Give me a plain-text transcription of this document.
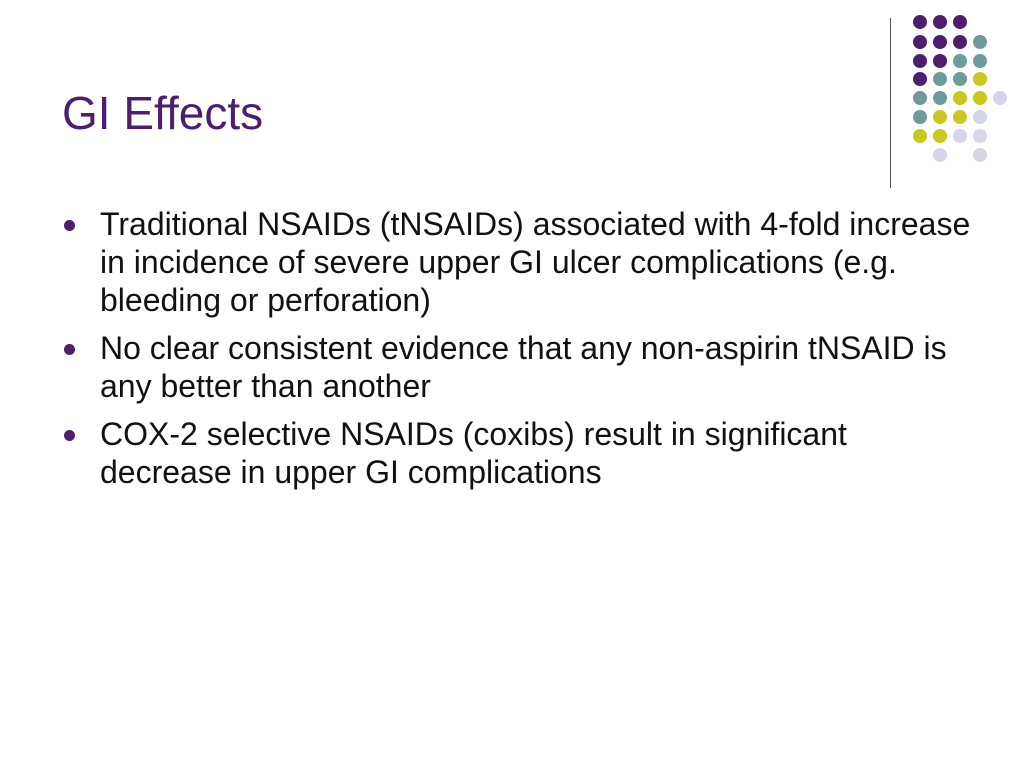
GI Effects
Traditional NSAIDs (tNSAIDs) associated with 4-fold increase in incidence of severe upper GI ulcer complications (e.g. bleeding or perforation)
No clear consistent evidence that any non-aspirin tNSAID is any better than another
COX-2 selective NSAIDs (coxibs) result in significant decrease in upper GI complications
